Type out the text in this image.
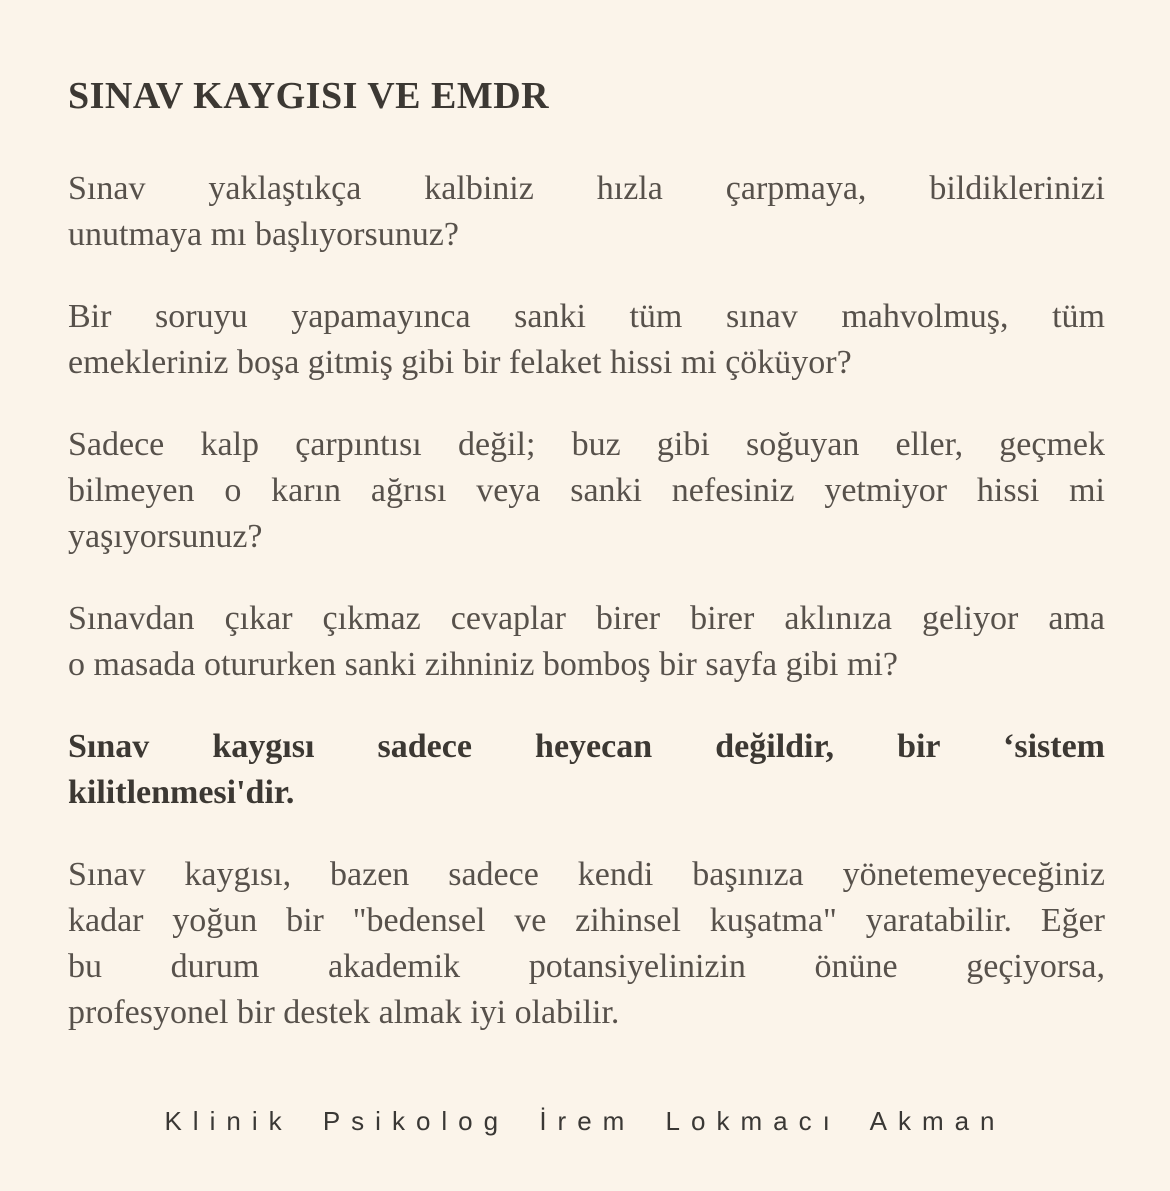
SINAV KAYGISI VE EMDR
Sınav yaklaştıkça kalbiniz hızla çarpmaya, bildiklerinizi
unutmaya mı başlıyorsunuz?
Bir soruyu yapamayınca sanki tüm sınav mahvolmuş, tüm
emekleriniz boşa gitmiş gibi bir felaket hissi mi çöküyor?
Sadece kalp çarpıntısı değil; buz gibi soğuyan eller, geçmek
bilmeyen o karın ağrısı veya sanki nefesiniz yetmiyor hissi mi
yaşıyorsunuz?
Sınavdan çıkar çıkmaz cevaplar birer birer aklınıza geliyor ama
o masada otururken sanki zihniniz bomboş bir sayfa gibi mi?
Sınav kaygısı sadece heyecan değildir, bir ‘sistem
kilitlenmesi'dir.
Sınav kaygısı, bazen sadece kendi başınıza yönetemeyeceğiniz
kadar yoğun bir "bedensel ve zihinsel kuşatma" yaratabilir. Eğer
bu durum akademik potansiyelinizin önüne geçiyorsa,
profesyonel bir destek almak iyi olabilir.
Klinik Psikolog İrem Lokmacı Akman
